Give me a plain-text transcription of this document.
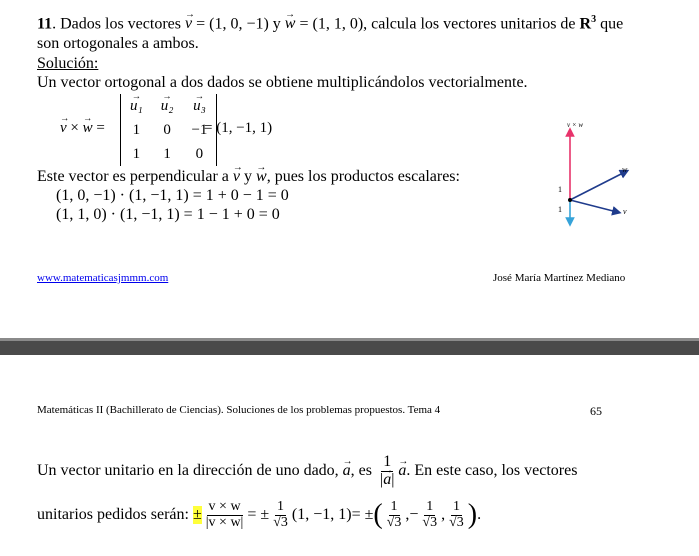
11. Dados los vectores → v = (1, 0, −1) y → w = (1, 1, 0), calcula los vectores unitarios de $R^3$ que
son ortogonales a ambos.
Solución:
Un vector ortogonal a dos dados se obtiene multiplicándolos vectorialmente.
→ v × → w =
→ u₁	→ u₂	→ u₃
1	0	−1
1	1	0
= (1, −1, 1)
Este vector es perpendicular a → v y → w, pues los productos escalares:
(1, 0, −1) · (1, −1, 1) = 1 + 0 − 1 = 0
(1, 1, 0) · (1, −1, 1) = 1 − 1 + 0 = 0
v × w
w
v
1
1
www.matematicasjmmm.com	José María Martínez Mediano
Matemáticas II (Bachillerato de Ciencias). Soluciones de los problemas propuestos. Tema 4	65
Un vector unitario en la dirección de uno dado,
→ a , es
$\frac{1}{|\to a|} \to a$ . En este caso, los vectores
unitarios pedidos serán:
± $\frac{v \times w}{|v \times w|}$ = ± $\frac{1}{√3} (1$, −1, 1) = ± ( $\frac{1}{√3}$ , − $\frac{1}{√3}$ , $\frac{1}{√3}$ ) .
